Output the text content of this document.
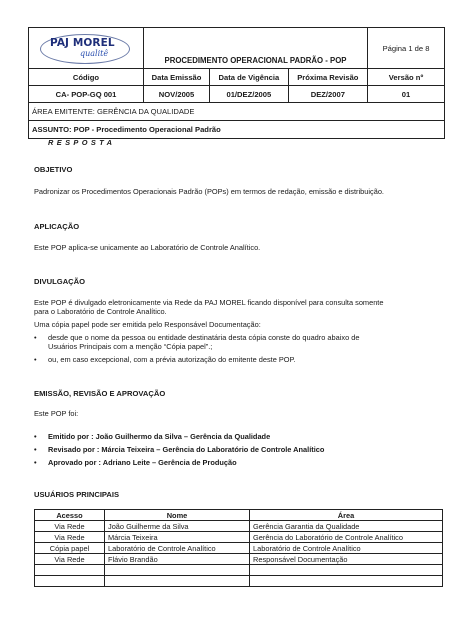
PAJ MOREL
qualitê	PROCEDIMENTO OPERACIONAL PADRÃO - POP			Página 1 de 8
Código	Data Emissão	Data de Vigência	Próxima Revisão	Versão nº
CA- POP-GQ 001	NOV/2005	01/DEZ/2005	DEZ/2007	01
ÁREA EMITENTE: GERÊNCIA DA QUALIDADE				
ASSUNTO: POP - Procedimento Operacional Padrão				
RESPOSTA
OBJETIVO
Padronizar os Procedimentos Operacionais Padrão (POPs) em termos de redação, emissão e distribuição.
APLICAÇÃO
Este POP aplica-se unicamente ao Laboratório de Controle Analítico.
DIVULGAÇÃO
Este POP é divulgado eletronicamente via Rede da PAJ MOREL ficando disponível para consulta somente
para o Laboratório de Controle Analítico.
Uma cópia papel pode ser emitida pelo Responsável Documentação:
•	desde que o nome da pessoa ou entidade destinatária desta cópia conste do quadro abaixo de
Usuários Principais com a menção “Cópia papel”.;
•	ou, em caso excepcional, com a prévia autorização do emitente deste POP.
EMISSÃO, REVISÃO E APROVAÇÃO
Este POP foi:
•	Emitido por : João Guilhermo da Silva – Gerência da Qualidade
•	Revisado por : Márcia Teixeira – Gerência do Laboratório de Controle Analítico
•	Aprovado por : Adriano Leite – Gerência de Produção
USUÁRIOS PRINCIPAIS
Acesso	Nome	Área
Via Rede	João Guilherme da Silva	Gerência Garantia da Qualidade
Via Rede	Márcia Teixeira	Gerência do Laboratório de Controle Analítico
Cópia papel	Laboratório de Controle Analítico	Laboratório de Controle Analítico
Via Rede	Flávio Brandão	Responsável Documentação
